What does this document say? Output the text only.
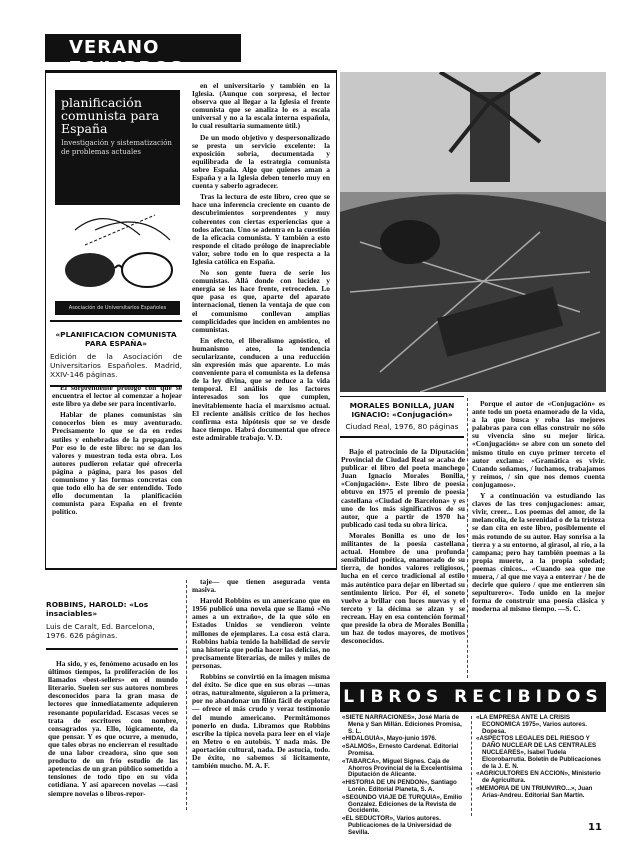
VERANO 76/LIBROS
planificación comunista para España
Investigación y sistematización de problemas actuales
Asociación de Universitarios Españoles
«PLANIFICACION COMUNISTA PARA ESPAÑA»
Edición de la Asociación de Universitarios Españoles. Madrid, XXIV-146 páginas.

El sorprendente prólogo con que se encuentra el lector al comenzar a hojear este libro ya debe ser para incentivarlo.

Hablar de planes comunistas sin conocerlos bien es muy aventurado. Precisamente lo que se da en redes sutiles y enhebradas de la propaganda. Por eso lo de este libro: no se dan los valores y muestran toda esta obra. Los autores pudieron relatar qué ofrecerla página a página, para los pasos del comunismo y las formas concretas con que todo ello ha de ser entendido. Todo ello documentan la planificación comunista para España en el frente político.

en el universitario y también en la Iglesia. (Aunque con sorpresa, el lector observa que al llegar a la Iglesia el frente comunista que se analiza lo es a escala universal y no a la escala interna española, lo cual resultaría sumamente útil.)

De un modo objetivo y despersonalizado se presta un servicio excelente: la exposición sobria, documentada y equilibrada de la estrategia comunista sobre España. Algo que quienes aman a España y a la Iglesia deben tenerlo muy en cuenta y saberlo agradecer.

Tras la lectura de este libro, creo que se hace una inferencia creciente en cuanto de descubrimientos sorprendentes y muy coherentes con ciertas experiencias que a todos afectan. Uno se adentra en la cuestión de la eficacia comunista. Y también a esto responde el citado prólogo de inapreciable valor, sobre todo en lo que respecta a la Iglesia católica en España.

No son gente fuera de serie los comunistas. Allá donde con lucidez y energía se les hace frente, retroceden. Lo que pasa es que, aparte del aparato internacional, tienen la ventaja de que con el comunismo conllevan amplias complicidades que inciden en ambientes no comunistas.

En efecto, el liberalismo agnóstico, el humanismo ateo, la tendencia secularizante, conducen a una reducción sin expresión más que aparente. Lo más conveniente para el comunista es la defensa de la ley divina, que se reduce a la vida temporal. El análisis de los factores interesados son los que cumplen, inevitablemente hacia el marxismo actual. El reciente análisis crítico de los hechos confirma esta hipótesis que se ve desde hace tiempo. Habrá documental que ofrece este admirable trabajo. V. D.

MORALES BONILLA, JUAN IGNACIO: «Conjugación»
Ciudad Real, 1976, 80 páginas

Bajo el patrocinio de la Diputación Provincial de Ciudad Real se acaba de publicar el libro del poeta manchego Juan Ignacio Morales Bonilla, «Conjugación». Este libro de poesía obtuvo en 1975 el premio de poesía castellana «Ciudad de Barcelona» y es uno de los más significativos de su autor, que a partir de 1970 ha publicado casi toda su obra lírica.

Morales Bonilla es uno de los militantes de la poesía castellana actual. Hombre de una profunda sensibilidad poética, enamorado de su tierra, de hondos valores religiosos, lucha en el cerco tradicional al estilo más auténtico para dejar en libertad su sentimiento lírico. Por él, el soneto vuelve a brillar con luces nuevas y el terceto y la décima se alzan y se recrean. Hay en esa contención formal que preside la obra de Morales Bonilla un haz de todos mayores, de motivos desconocidos.

Porque el autor de «Conjugación» es ante todo un poeta enamorado de la vida, a la que busca y roba las mejores palabras para con ellas construir no sólo su vivencia sino su mejor lírica. «Conjugación» se abre con un soneto del mismo título en cuyo primer terceto el autor exclama: «Gramática es vivir. Cuando soñamos, / luchamos, trabajamos y reímos, / sin que nos demos cuenta conjugamos».

Y a continuación va estudiando las claves de las tres conjugaciones: amar, vivir, creer... Los poemas del amor, de la melancolía, de la serenidad o de la tristeza se dan cita en este libro, posiblemente el más rotundo de su autor. Hay sonrisa a la tierra y a su entorno, al girasol, al río, a la campana; pero hay también poemas a la propia muerte, a la propia soledad; poemas cínicos... «Cuando sea que me muera, / al que me vaya a enterrar / he de decirle que quiero / que me entierren sin sepulturero». Todo unido en la mejor forma de construir una poesía clásica y moderna al mismo tiempo. —S. C.

ROBBINS, HAROLD: «Los insaciables»
Luis de Caralt, Ed. Barcelona, 1976. 626 páginas.

Ha sido, y es, fenómeno acusado en los últimos tiempos, la proliferación de los llamados «best-sellers» en el mundo literario. Suelen ser sus autores nombres desconocidos para la gran masa de lectores que inmediatamente adquieren resonante popularidad. Escasas veces se trata de escritores con nombre, consagrados ya. Ello, lógicamente, da que pensar. Y es que ocurre, a menudo, que tales obras no encierran el resultado de una labor creadora, sino que son producto de un frío estudio de las apetencias de un gran público sometido a tensiones de todo tipo en su vida cotidiana. Y así aparecen novelas —casi siempre novelas o libros-repor-

taje— que tienen asegurada venta masiva.

Harold Robbins es un americano que en 1956 publicó una novela que se llamó «No ames a un extraño», de la que sólo en Estados Unidos se vendieron veinte millones de ejemplares. La cosa está clara. Robbins había tenido la habilidad de servir una historia que podía hacer las delicias, no precisamente literarias, de miles y miles de personas.

Robbins se convirtió en la imagen misma del éxito. Se dice que en sus obras —unas otras, naturalmente, siguieron a la primera, por no abandonar un filón fácil de explotar— ofrece el más crudo y veraz testimonio del mundo americano. Permitámonos ponerlo en duda. Libramos que Robbins escribe la típica novela para leer en el viaje en Metro o en autobús. Y nada más. De aportación cultural, nada. De astucia, todo. De éxito, no sabemos si lícitamente, también mucho. M. A. F.

LIBROS RECIBIDOS
«SIETE NARRACIONES», José María de Mena y San Millán. Ediciones Promisa, S. L.
«HIDALGUIA», Mayo-junio 1976.
«SALMOS», Ernesto Cardenal. Editorial Promisa.
«TABARCA», Miguel Signes. Caja de Ahorros Provincial de la Excelentísima Diputación de Alicante.
«HISTORIA DE UN PENDON», Santiago Lorén. Editorial Planeta, S. A.
«SEGUNDO VIAJE DE TURQUIA», Emilio Gonzalez. Ediciones de la Revista de Occidente.
«EL SEDUCTOR», Varios autores. Publicaciones de la Universidad de Sevilla.
«LA EMPRESA ANTE LA CRISIS ECONOMICA 1975», Varios autores. Dopesa.
«ASPECTOS LEGALES DEL RIESGO Y DAÑO NUCLEAR DE LAS CENTRALES NUCLEARES», Isabel Tudela Elcorobarrutia. Boletín de Publicaciones de la J. E. N.
«AGRICULTORES EN ACCION», Ministerio de Agricultura.
«MEMORIA DE UN TRIUNVIRO...», Juan Arias-Andreu. Editorial San Martín.
11
